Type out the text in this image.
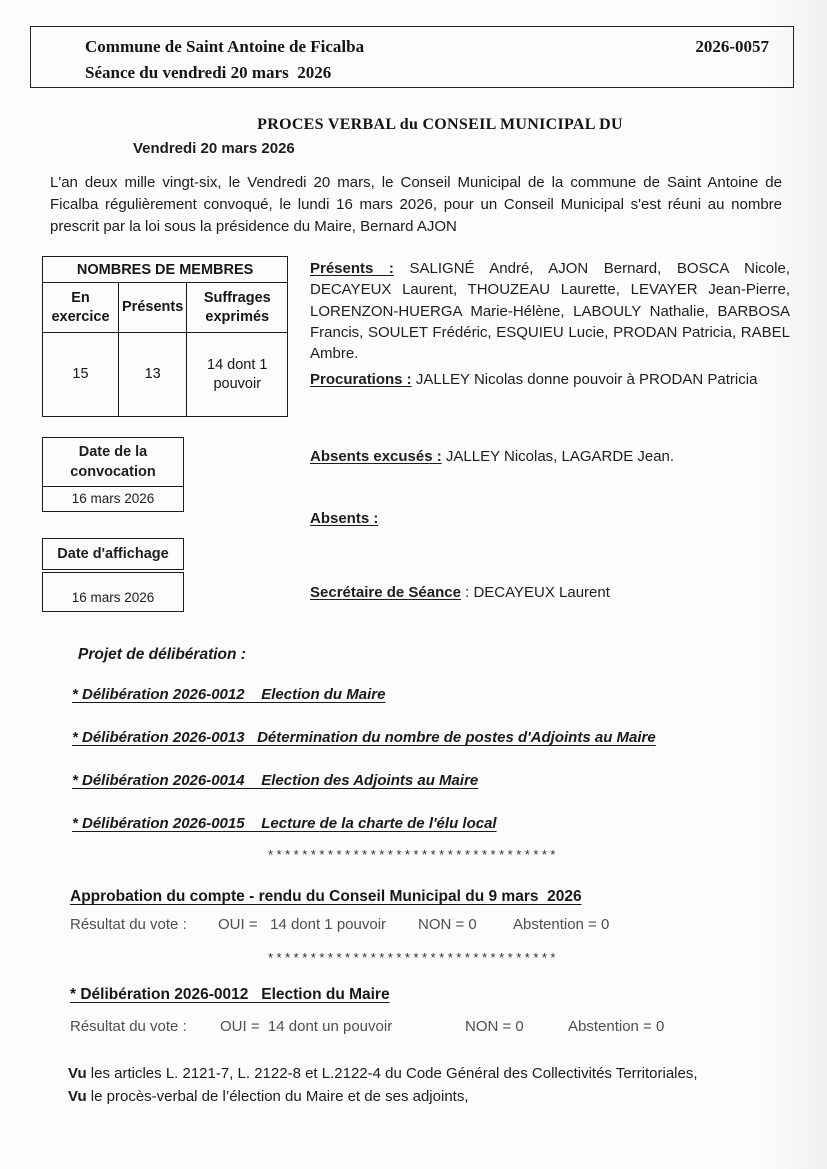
Commune de Saint Antoine de Ficalba
Séance du vendredi 20 mars  2026
2026-0057
PROCES VERBAL du CONSEIL MUNICIPAL DU
Vendredi 20 mars 2026

L'an deux mille vingt-six, le Vendredi 20 mars, le Conseil Municipal de la commune de Saint Antoine de Ficalba régulièrement convoqué, le lundi 16 mars 2026, pour un Conseil Municipal s'est réuni au nombre prescrit par la loi sous la présidence du Maire, Bernard AJON

NOMBRES DE MEMBRES		
En exercice	Présents	Suffrages exprimés
15	13	14 dont 1 pouvoir
Présents : SALIGNÉ André, AJON Bernard, BOSCA Nicole, DECAYEUX Laurent, THOUZEAU Laurette, LEVAYER Jean-Pierre, LORENZON-HUERGA Marie-Hélène, LABOULY Nathalie, BARBOSA Francis, SOULET Frédéric, ESQUIEU Lucie, PRODAN Patricia, RABEL Ambre.
Procurations : JALLEY Nicolas donne pouvoir à PRODAN Patricia
Date de la convocation
16 mars 2026
Absents excusés : JALLEY Nicolas, LAGARDE Jean.
Absents :
Date d'affichage
16 mars 2026	Secrétaire de Séance : DECAYEUX Laurent
Projet de délibération :
* Délibération 2026-0012    Election du Maire
* Délibération 2026-0013   Détermination du nombre de postes d'Adjoints au Maire
* Délibération 2026-0014    Election des Adjoints au Maire
* Délibération 2026-0015    Lecture de la charte de l'élu local
**********************************
Approbation du compte - rendu du Conseil Municipal du 9 mars  2026
Résultat du vote : OUI =   14 dont 1 pouvoir NON = 0 Abstention = 0
**********************************
* Délibération 2026-0012   Election du Maire
Résultat du vote : OUI =  14 dont un pouvoir	NON = 0	Abstention = 0
Vu les articles L. 2121-7, L. 2122-8 et L.2122-4 du Code Général des Collectivités Territoriales,
Vu le procès-verbal de l’élection du Maire et de ses adjoints,
